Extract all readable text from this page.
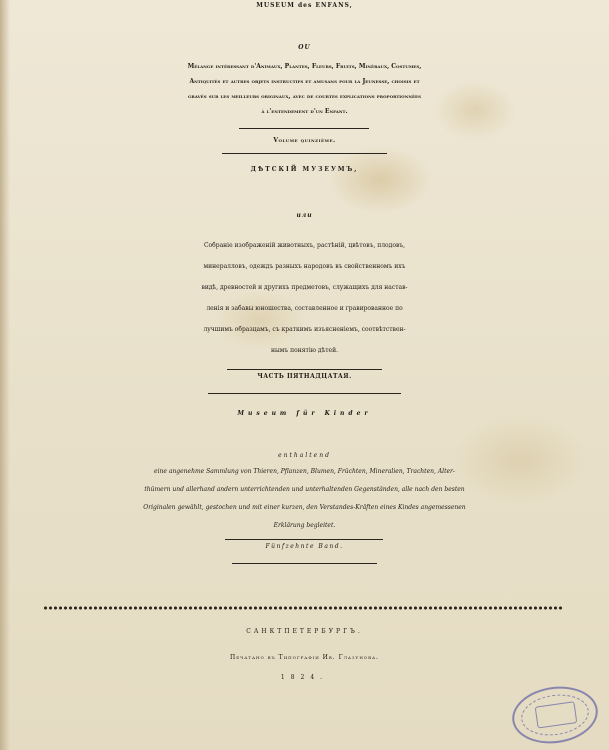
MUSEUM des ENFANS,
OU
Mélange intéressant d'Animaux, Plantes, Fleurs, Fruits, Minéraux, Costumes,
Antiquités et autres objets instructifs et amusans pour la Jeunesse, choisis et
gravés sur les meilleurs originaux, avec de courtes explications proportionnées
à l'entendement d'un Enfant.
Volume quinzième.
ДѢТСКІЙ МУЗЕУМЪ,
или
Собраніе изображеній животныхъ, растѣній, цвѣтовъ, плодовъ,
минералловъ, одеждъ разныхъ народовъ въ свойственномъ ихъ
видѣ, древностей и другихъ предметовъ, служащихъ для настав-
ленія и забавы юношества, составленное и гравированное по
лучшимъ образцамъ, съ краткимъ изъясненіемъ, соотвѣтствен-
нымъ понятію дѣтей.
ЧАСТЬ ПЯТНАДЦАТАЯ.
Museum für Kinder
enthaltend
eine angenehme Sammlung von Thieren, Pflanzen, Blumen, Früchten, Mineralien, Trachten, Alter-
thümern und allerhand andern unterrichtenden und unterhaltenden Gegenständen, alle nach den besten
Originalen gewählt, gestochen und mit einer kurzen, den Verstandes-Kräften eines Kindes angemessenen
Erklärung begleitet.
Fünfzehnte Band.
САНКТПЕТЕРБУРГЪ.
Печатано въ Типографіи Ив. Глазунова.
1824.
